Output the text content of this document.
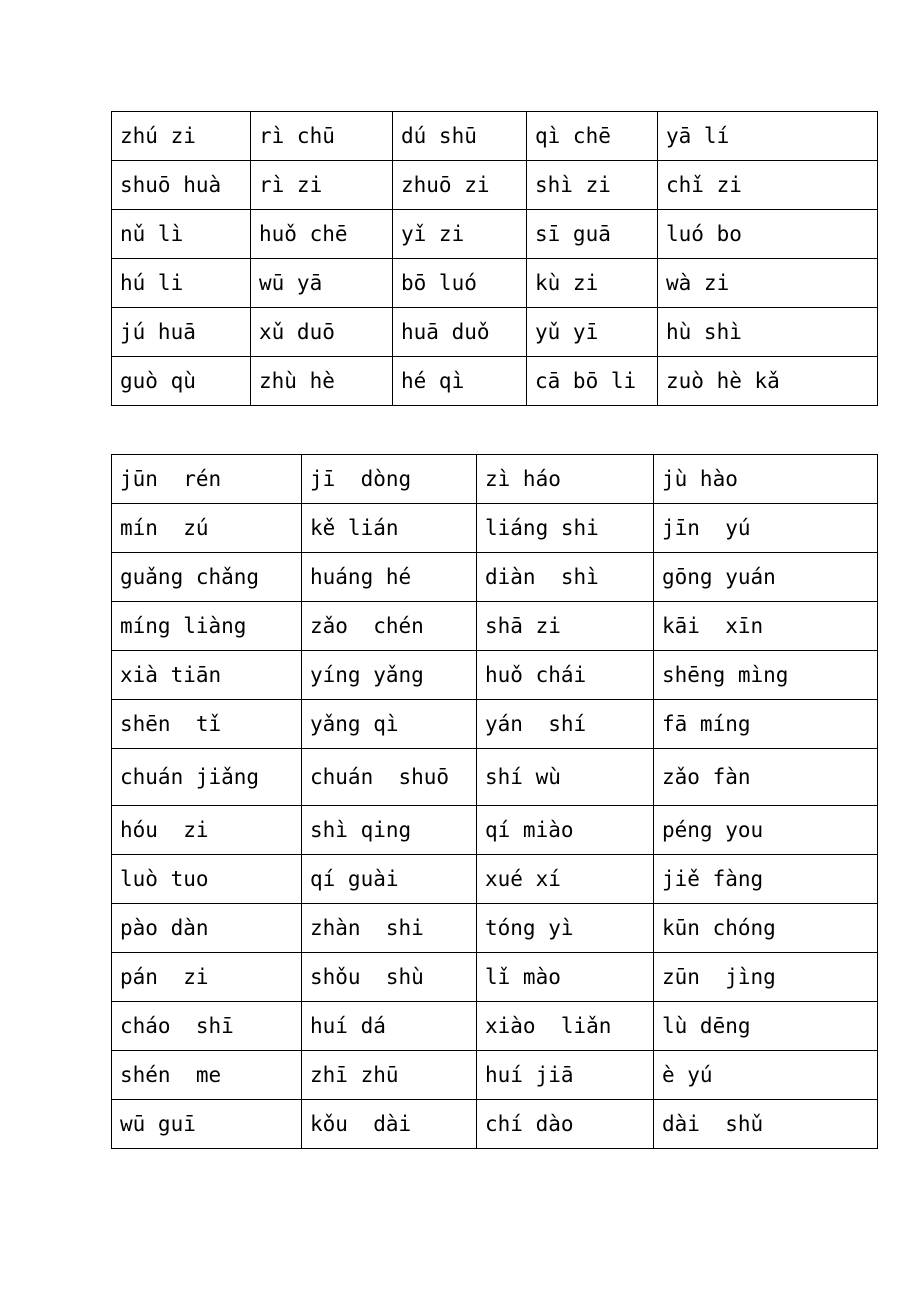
zhú zi	rì chū	dú shū	qì chē	yā lí
shuō huà	rì zi	zhuō zi	shì zi	chǐ zi
nǔ lì	huǒ chē	yǐ zi	sī guā	luó bo
hú li	wū yā	bō luó	kù zi	wà zi
jú huā	xǔ duō	huā duǒ	yǔ yī	hù shì
guò qù	zhù hè	hé qì	cā bō li	zuò hè kǎ
jūn  rén	jī  dòng	zì háo	jù hào
mín  zú	kě lián	liáng shi	jīn  yú
guǎng chǎng	huáng hé	diàn  shì	gōng yuán
míng liàng	zǎo  chén	shā zi	kāi  xīn
xià tiān	yíng yǎng	huǒ chái	shēng mìng
shēn  tǐ	yǎng qì	yán  shí	fā míng
chuán jiǎng	chuán  shuō	shí wù	zǎo fàn
hóu  zi	shì qing	qí miào	péng you
luò tuo	qí guài	xué xí	jiě fàng
pào dàn	zhàn  shi	tóng yì	kūn chóng
pán  zi	shǒu  shù	lǐ mào	zūn  jìng
cháo  shī	huí dá	xiào  liǎn	lù dēng
shén  me	zhī zhū	huí jiā	è yú
wū guī	kǒu  dài	chí dào	dài  shǔ
